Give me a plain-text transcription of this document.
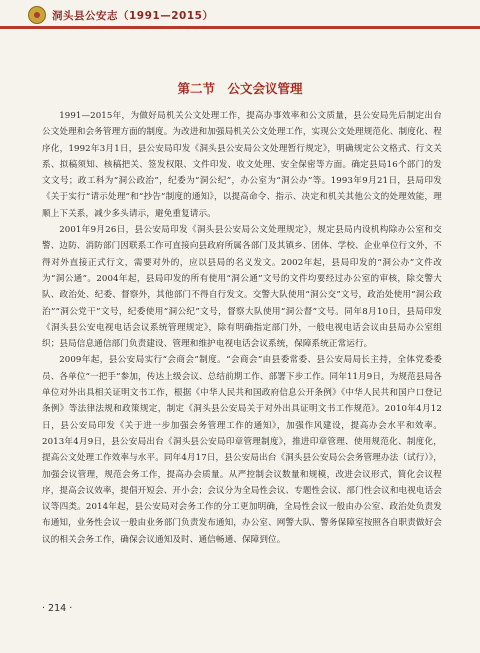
洞头县公安志（1991—2015）
第二节　公文会议管理

1991—2015年，为做好局机关公文处理工作，提高办事效率和公文质量，县公安局先后制定出台公文处理和会务管理方面的制度。为改进和加强局机关公文处理工作，实现公文处理规范化、制度化、程序化，1992年3月1日，县公安局印发《洞头县公安局公文处理暂行规定》，明确规定公文格式、行文关系、拟稿须知、核稿把关、签发权限、文件印发、收文处理、安全保密等方面。确定县局16个部门的发文文号；政工科为“洞公政治”，纪委为“洞公纪”，办公室为“洞公办”等。1993年9月21日，县局印发《关于实行“请示处理”和“抄告”制度的通知》，以提高命令、指示、决定和机关其他公文的处理效能，理顺上下关系，减少多头请示，避免重复请示。

2001年9月26日，县公安局印发《洞头县公安局公文处理规定》，规定县局内设机构除办公室和交警、边防、消防部门因联系工作可直接向县政府所属各部门及其镇乡、团体、学校、企业单位行文外，不得对外直接正式行文，需要对外的，应以县局的名义发文。2002年起，县局印发的“洞公办”文件改为“洞公通”。2004年起，县局印发的所有使用“洞公通”文号的文件均要经过办公室的审核，除交警大队、政治处、纪委、督察外，其他部门不得自行发文。交警大队使用“洞公交”文号，政治处使用“洞公政治”“洞公党干”文号，纪委使用“洞公纪”文号，督察大队使用“洞公督”文号。同年8月10日，县局印发《洞头县公安电视电话会议系统管理规定》，除有明确指定部门外，一般电视电话会议由县局办公室组织；县局信息通信部门负责建设、管理和维护电视电话会议系统，保障系统正常运行。

2009年起，县公安局实行“会商会”制度。“会商会”由县委常委、县公安局局长主持，全体党委委员、各单位“一把手”参加，传达上级会议、总结前期工作、部署下步工作。同年11月9日，为规范县局各单位对外出具相关证明文书工作，根据《中华人民共和国政府信息公开条例》《中华人民共和国户口登记条例》等法律法规和政策规定，制定《洞头县公安局关于对外出具证明文书工作规范》。2010年4月12日，县公安局印发《关于进一步加强会务管理工作的通知》，加强作风建设，提高办会水平和效率。2013年4月9日，县公安局出台《洞头县公安局印章管理制度》，推进印章管理、使用规范化、制度化，提高公文处理工作效率与水平。同年4月17日，县公安局出台《洞头县公安局公会务管理办法（试行）》，加强会议管理，规范会务工作，提高办会质量。从严控制会议数量和规模，改进会议形式，简化会议程序，提高会议效率，提倡开短会、开小会；会议分为全局性会议、专题性会议、部门性会议和电视电话会议等四类。2014年起，县公安局对会务工作的分工更加明确，全局性会议一般由办公室、政治处负责发布通知，业务性会议一般由业务部门负责发布通知，办公室、网警大队、警务保障室按照各自职责做好会议的相关会务工作，确保会议通知及时、通信畅通、保障到位。

· 214 ·
